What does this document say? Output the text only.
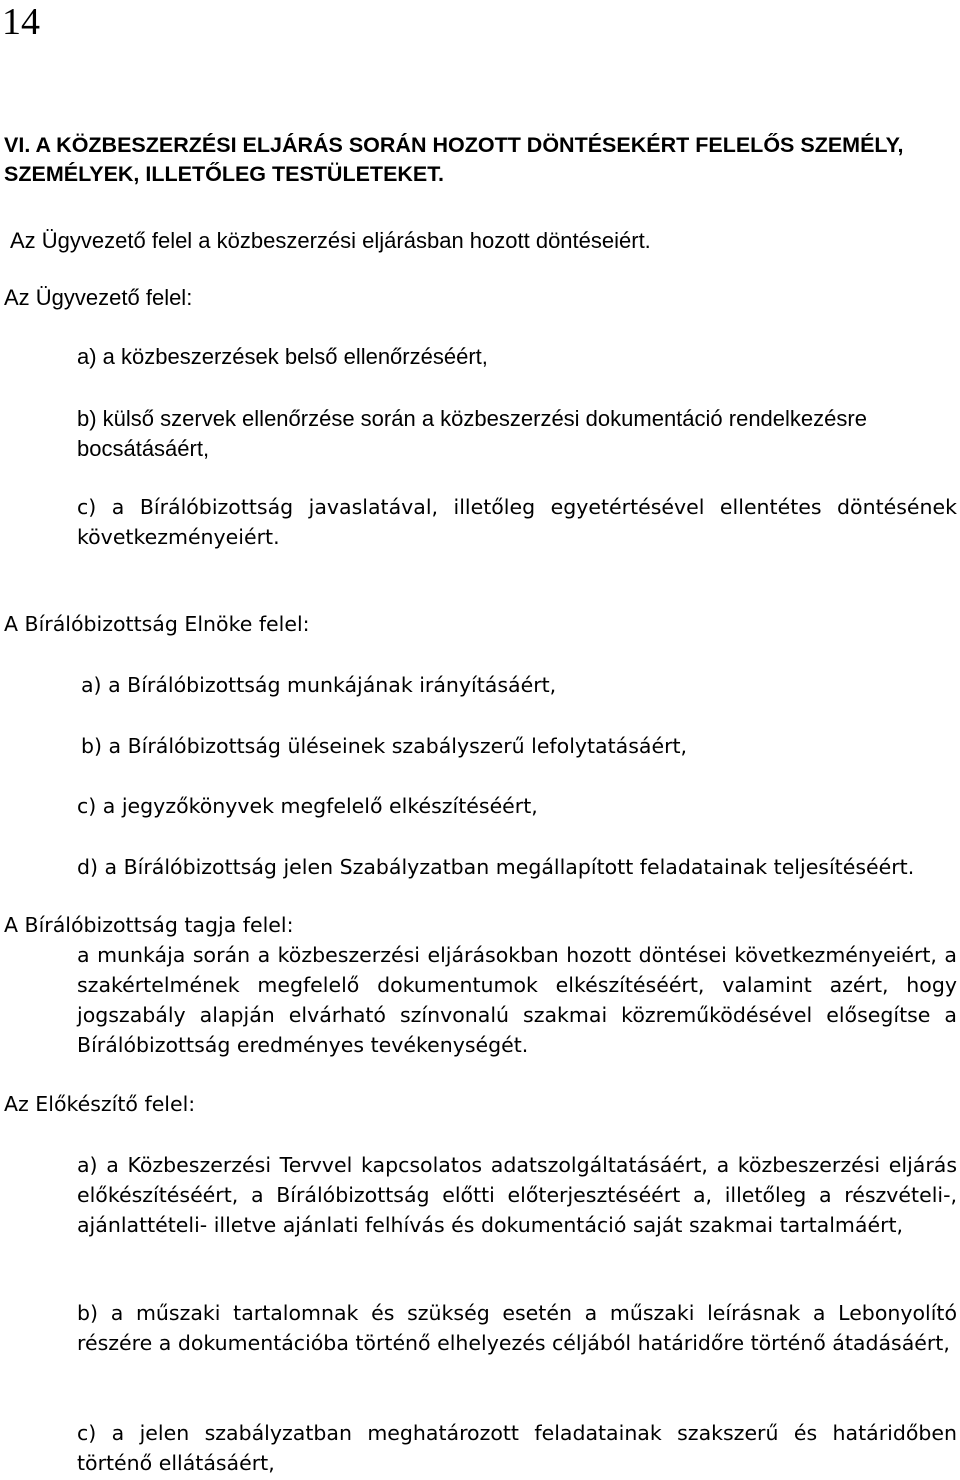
14
VI. A KÖZBESZERZÉSI ELJÁRÁS SORÁN HOZOTT DÖNTÉSEKÉRT FELELŐS SZEMÉLY, SZEMÉLYEK, ILLETŐLEG TESTÜLETEKET.
Az Ügyvezető felel a közbeszerzési eljárásban hozott döntéseiért.
Az Ügyvezető felel:
a) a közbeszerzések belső ellenőrzéséért,
b) külső szervek ellenőrzése során a közbeszerzési dokumentáció rendelkezésre bocsátásáért,
c) a Bírálóbizottság javaslatával, illetőleg egyetértésével ellentétes döntésének következményeiért.
A Bírálóbizottság Elnöke felel:
a) a Bírálóbizottság munkájának irányításáért,
b) a Bírálóbizottság üléseinek szabályszerű lefolytatásáért,
c) a jegyzőkönyvek megfelelő elkészítéséért,
d) a Bírálóbizottság jelen Szabályzatban megállapított feladatainak teljesítéséért.
A Bírálóbizottság tagja felel:
a munkája során a közbeszerzési eljárásokban hozott döntései következményeiért, a szakértelmének megfelelő dokumentumok elkészítéséért, valamint azért, hogy jogszabály alapján elvárható színvonalú szakmai közreműködésével elősegítse a Bírálóbizottság eredményes tevékenységét.
Az Előkészítő felel:
a) a Közbeszerzési Tervvel kapcsolatos adatszolgáltatásáért, a közbeszerzési eljárás előkészítéséért, a Bírálóbizottság előtti előterjesztéséért a, illetőleg a részvételi-, ajánlattételi- illetve ajánlati felhívás és dokumentáció saját szakmai tartalmáért,
b) a műszaki tartalomnak és szükség esetén a műszaki leírásnak a Lebonyolító részére a dokumentációba történő elhelyezés céljából határidőre történő átadásáért,
c) a jelen szabályzatban meghatározott feladatainak szakszerű és határidőben történő ellátásáért,
